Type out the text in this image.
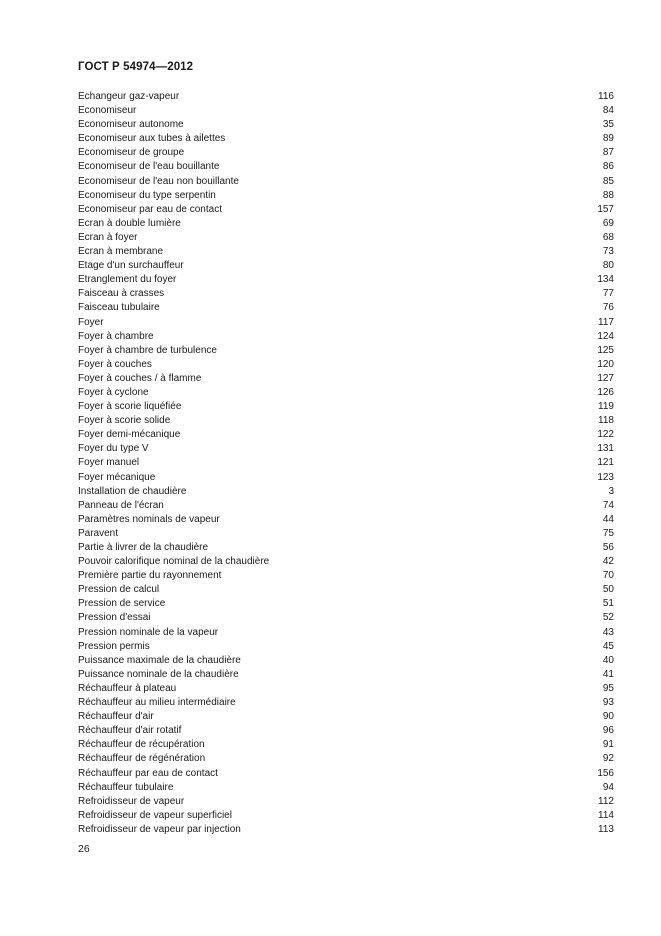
ГОСТ Р 54974—2012
Echangeur gaz-vapeur	116
Economiseur	84
Economiseur autonome	35
Economiseur aux tubes à ailettes	89
Economiseur de groupe	87
Economiseur de l'eau bouillante	86
Economiseur de l'eau non bouillante	85
Economiseur du type serpentin	88
Economiseur par eau de contact	157
Ecran à double lumière	69
Ecran à foyer	68
Ecran à membrane	73
Etage d'un surchauffeur	80
Etranglement du foyer	134
Faisceau à crasses	77
Faisceau tubulaire	76
Foyer	117
Foyer à chambre	124
Foyer à chambre de turbulence	125
Foyer à couches	120
Foyer à couches / à flamme	127
Foyer à cyclone	126
Foyer à scorie liquéfiée	119
Foyer à scorie solide	118
Foyer demi-mécanique	122
Foyer du type V	131
Foyer manuel	121
Foyer mécanique	123
Installation de chaudière	3
Panneau de l'écran	74
Paramètres nominals de vapeur	44
Paravent	75
Partie à livrer de la chaudière	56
Pouvoir calorifique nominal de la chaudière	42
Première partie du rayonnement	70
Pression de calcul	50
Pression de service	51
Pression d'essai	52
Pression nominale de la vapeur	43
Pression permis	45
Puissance maximale de la chaudière	40
Puissance nominale de la chaudière	41
Réchauffeur à plateau	95
Réchauffeur au milieu intermédiaire	93
Réchauffeur d'air	90
Réchauffeur d'air rotatif	96
Réchauffeur de récupération	91
Réchauffeur de régénération	92
Réchauffeur par eau de contact	156
Réchauffeur tubulaire	94
Refroidisseur de vapeur	112
Refroidisseur de vapeur superficiel	114
Refroidisseur de vapeur par injection	113
26
